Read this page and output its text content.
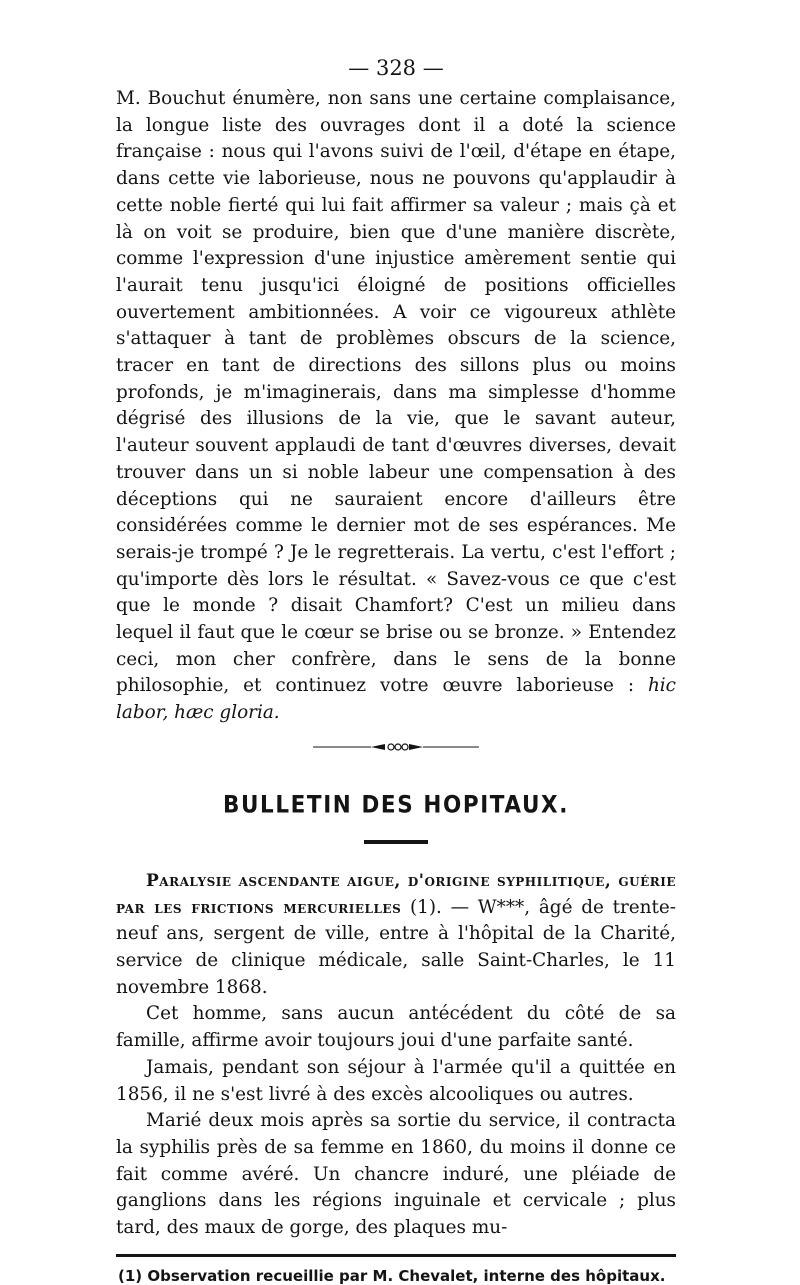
— 328 —

M. Bouchut énumère, non sans une certaine complaisance, la longue liste des ouvrages dont il a doté la science française : nous qui l'avons suivi de l'œil, d'étape en étape, dans cette vie laborieuse, nous ne pouvons qu'applaudir à cette noble fierté qui lui fait affirmer sa valeur ; mais çà et là on voit se produire, bien que d'une manière discrète, comme l'expression d'une injustice amèrement sentie qui l'aurait tenu jusqu'ici éloigné de positions officielles ouvertement ambitionnées. A voir ce vigoureux athlète s'attaquer à tant de problèmes obscurs de la science, tracer en tant de directions des sillons plus ou moins profonds, je m'imaginerais, dans ma simplesse d'homme dégrisé des illusions de la vie, que le savant auteur, l'auteur souvent applaudi de tant d'œuvres diverses, devait trouver dans un si noble labeur une compensation à des déceptions qui ne sauraient encore d'ailleurs être considérées comme le dernier mot de ses espérances. Me serais-je trompé ? Je le regretterais. La vertu, c'est l'effort ; qu'importe dès lors le résultat. « Savez-vous ce que c'est que le monde ? disait Chamfort? C'est un milieu dans lequel il faut que le cœur se brise ou se bronze. » Entendez ceci, mon cher confrère, dans le sens de la bonne philosophie, et continuez votre œuvre laborieuse : hic labor, hæc gloria.

BULLETIN DES HOPITAUX.

Paralysie ascendante aigue, d'origine syphilitique, guérie par les frictions mercurielles (1). — W***, âgé de trente-neuf ans, sergent de ville, entre à l'hôpital de la Charité, service de clinique médicale, salle Saint-Charles, le 11 novembre 1868.

Cet homme, sans aucun antécédent du côté de sa famille, affirme avoir toujours joui d'une parfaite santé.

Jamais, pendant son séjour à l'armée qu'il a quittée en 1856, il ne s'est livré à des excès alcooliques ou autres.

Marié deux mois après sa sortie du service, il contracta la syphilis près de sa femme en 1860, du moins il donne ce fait comme avéré. Un chancre induré, une pléiade de ganglions dans les régions inguinale et cervicale ; plus tard, des maux de gorge, des plaques mu-

(1) Observation recueillie par M. Chevalet, interne des hôpitaux.
